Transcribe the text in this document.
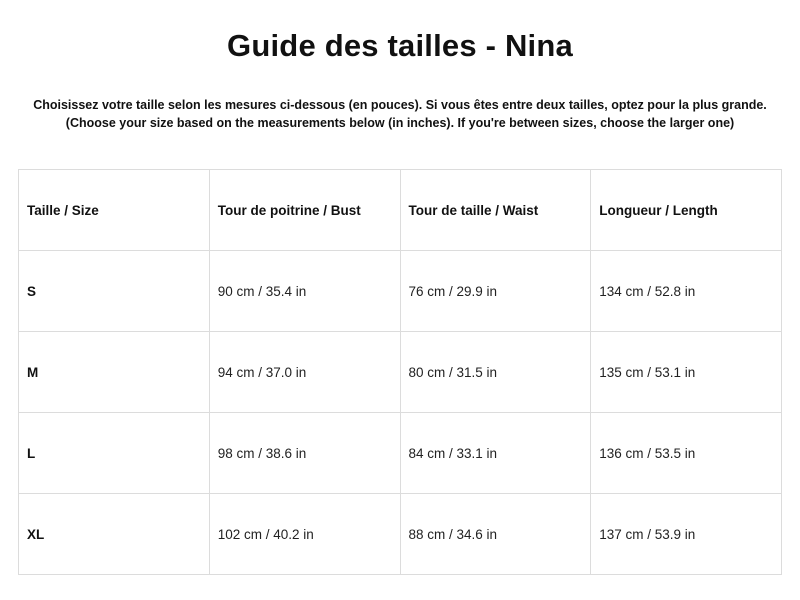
Guide des tailles - Nina
Choisissez votre taille selon les mesures ci-dessous (en pouces). Si vous êtes entre deux tailles, optez pour la plus grande.
(Choose your size based on the measurements below (in inches). If you're between sizes, choose the larger one)
Taille / Size	Tour de poitrine / Bust	Tour de taille / Waist	Longueur / Length
S	90 cm / 35.4 in	76 cm / 29.9 in	134 cm / 52.8 in
M	94 cm / 37.0 in	80 cm / 31.5 in	135 cm / 53.1 in
L	98 cm / 38.6 in	84 cm / 33.1 in	136 cm / 53.5 in
XL	102 cm / 40.2 in	88 cm / 34.6 in	137 cm / 53.9 in
